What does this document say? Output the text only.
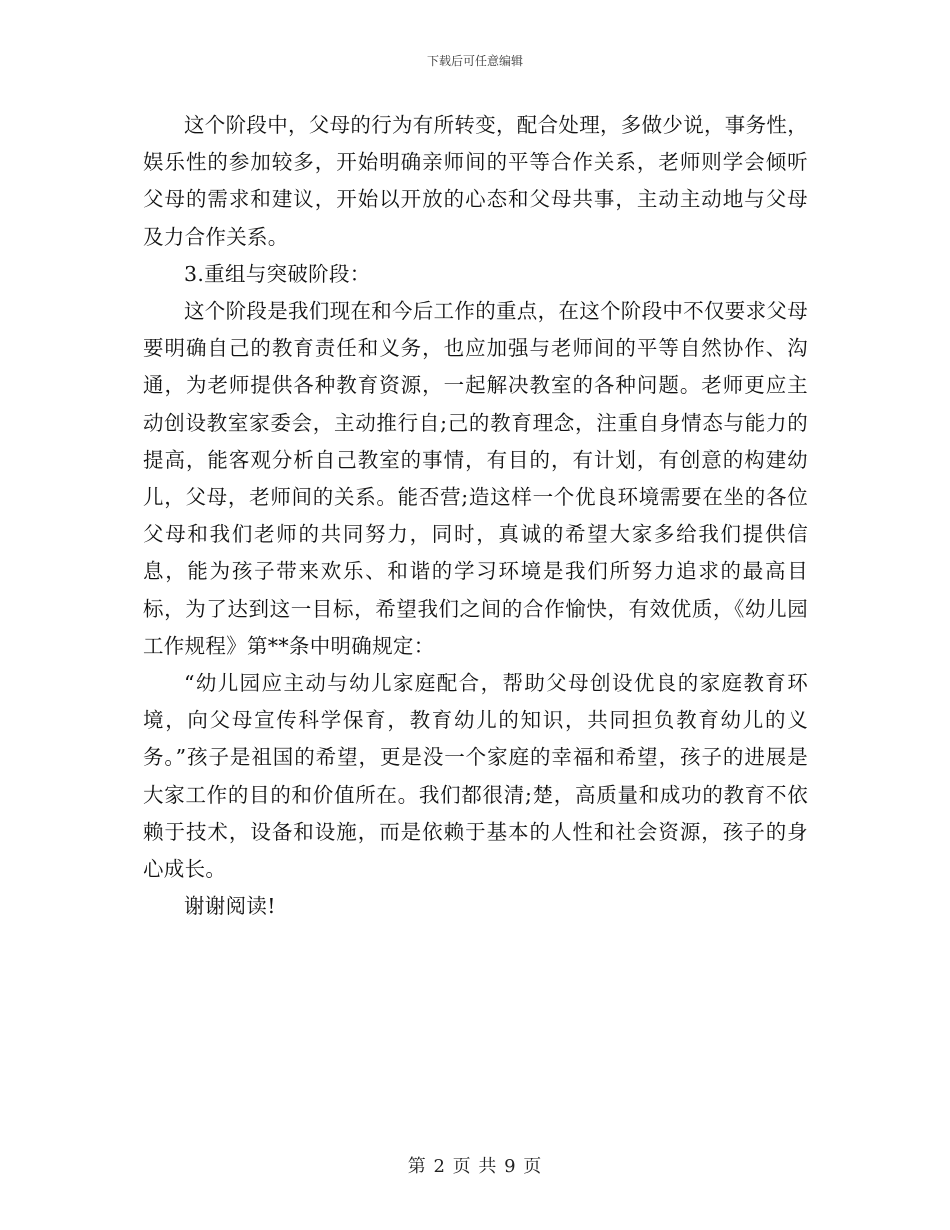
下载后可任意编辑

这个阶段中，父母的行为有所转变，配合处理，多做少说，事务性，娱乐性的参加较多，开始明确亲师间的平等合作关系，老师则学会倾听父母的需求和建议，开始以开放的心态和父母共事，主动主动地与父母及力合作关系。

3.重组与突破阶段：

这个阶段是我们现在和今后工作的重点，在这个阶段中不仅要求父母要明确自己的教育责任和义务，也应加强与老师间的平等自然协作、沟通，为老师提供各种教育资源，一起解决教室的各种问题。老师更应主动创设教室家委会，主动推行自;己的教育理念，注重自身情态与能力的提高，能客观分析自己教室的事情，有目的，有计划，有创意的构建幼儿，父母，老师间的关系。能否营;造这样一个优良环境需要在坐的各位父母和我们老师的共同努力，同时，真诚的希望大家多给我们提供信息，能为孩子带来欢乐、和谐的学习环境是我们所努力追求的最高目标，为了达到这一目标，希望我们之间的合作愉快，有效优质，《幼儿园工作规程》第**条中明确规定：

“幼儿园应主动与幼儿家庭配合，帮助父母创设优良的家庭教育环境，向父母宣传科学保育，教育幼儿的知识，共同担负教育幼儿的义务。”孩子是祖国的希望，更是没一个家庭的幸福和希望，孩子的进展是大家工作的目的和价值所在。我们都很清;楚，高质量和成功的教育不依赖于技术，设备和设施，而是依赖于基本的人性和社会资源，孩子的身心成长。

谢谢阅读!

第 2 页 共 9 页
